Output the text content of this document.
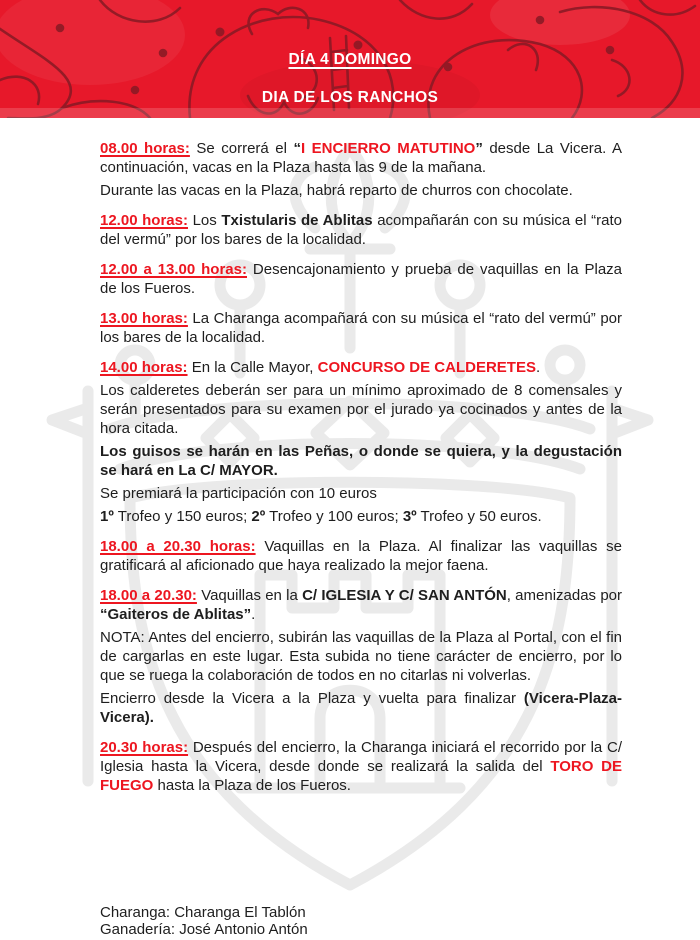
DÍA 4 DOMINGO
DIA DE LOS RANCHOS

08.00 horas: Se correrá el “I ENCIERRO MATUTINO” desde La Vicera. A continuación, vacas en la Plaza hasta las 9 de la mañana.

Durante las vacas en la Plaza, habrá reparto de churros con chocolate.

12.00 horas: Los Txistularis de Ablitas acompañarán con su música el “rato del vermú” por los bares de la localidad.

12.00 a 13.00 horas: Desencajonamiento y prueba de vaquillas en la Plaza de los Fueros.

13.00 horas: La Charanga acompañará con su música el “rato del vermú” por los bares de la localidad.

14.00 horas: En la Calle Mayor, CONCURSO DE CALDERETES.

Los calderetes deberán ser para un mínimo aproximado de 8 comensales y serán presentados para su examen por el jurado ya cocinados y antes de la hora citada.

Los guisos se harán en las Peñas, o donde se quiera, y la degustación se hará en La C/ MAYOR.

Se premiará la participación con 10 euros

1º Trofeo y 150 euros; 2º Trofeo y 100 euros; 3º Trofeo y 50 euros.

18.00 a 20.30 horas: Vaquillas en la Plaza. Al finalizar las vaquillas se gratificará al aficionado que haya realizado la mejor faena.

18.00 a 20.30: Vaquillas en la C/ IGLESIA Y C/ SAN ANTÓN, amenizadas por “Gaiteros de Ablitas”.

NOTA: Antes del encierro, subirán las vaquillas de la Plaza al Portal, con el fin de cargarlas en este lugar. Esta subida no tiene carácter de encierro, por lo que se ruega la colaboración de todos en no citarlas ni volverlas.

Encierro desde la Vicera a la Plaza y vuelta para finalizar (Vicera-Plaza-Vicera).

20.30 horas: Después del encierro, la Charanga iniciará el recorrido por la C/ Iglesia hasta la Vicera, desde donde se realizará la salida del TORO DE FUEGO hasta la Plaza de los Fueros.

Charanga: Charanga El Tablón
Ganadería: José Antonio Antón
